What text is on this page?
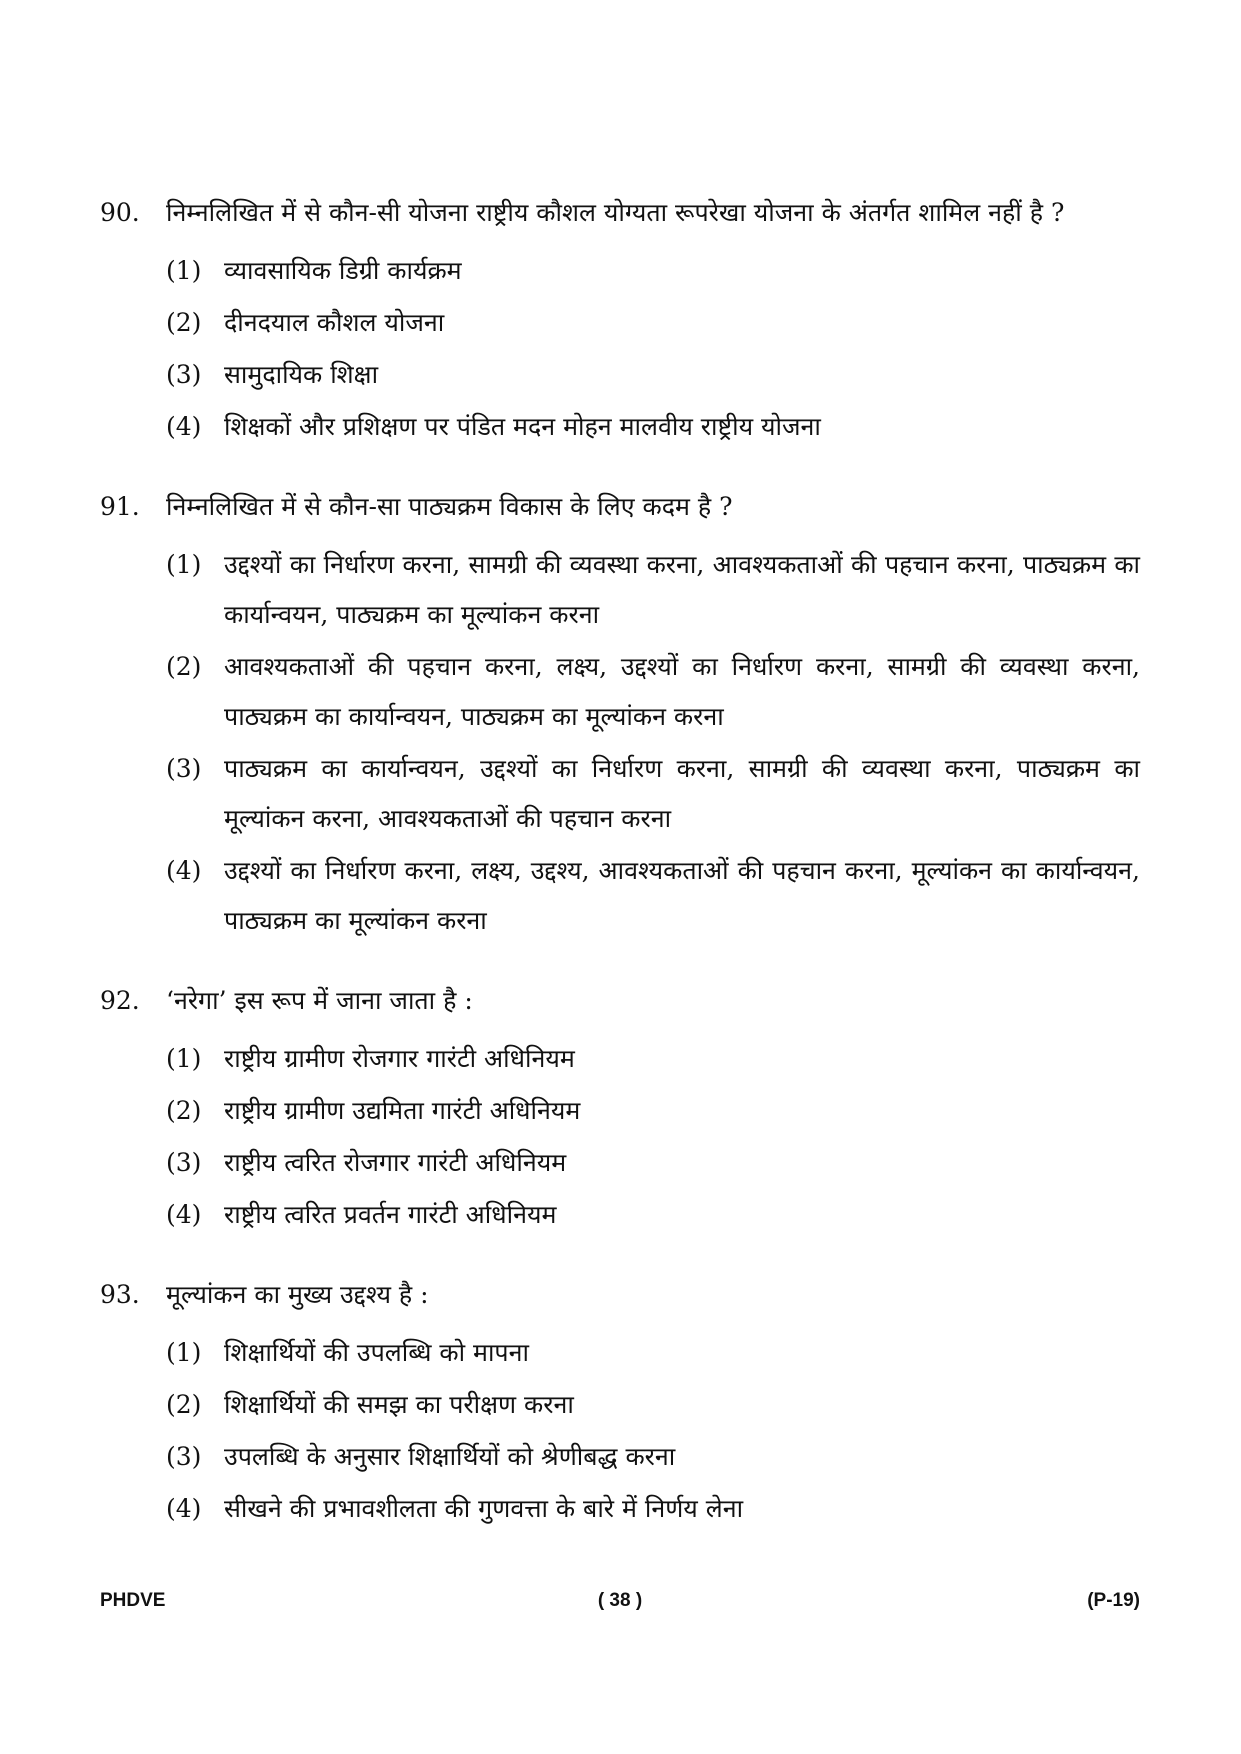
90.	निम्नलिखित में से कौन-सी योजना राष्ट्रीय कौशल योग्यता रूपरेखा योजना के अंतर्गत शामिल नहीं है ?
(1) व्यावसायिक डिग्री कार्यक्रम
(2) दीनदयाल कौशल योजना
(3) सामुदायिक शिक्षा
(4) शिक्षकों और प्रशिक्षण पर पंडित मदन मोहन मालवीय राष्ट्रीय योजना
91.	निम्नलिखित में से कौन-सा पाठ्यक्रम विकास के लिए कदम है ?
(1) उद्दश्यों का निर्धारण करना, सामग्री की व्यवस्था करना, आवश्यकताओं की पहचान करना, पाठ्यक्रम का कार्यान्वयन, पाठ्यक्रम का मूल्यांकन करना
(2) आवश्यकताओं की पहचान करना, लक्ष्य, उद्दश्यों का निर्धारण करना, सामग्री की व्यवस्था करना, पाठ्यक्रम का कार्यान्वयन, पाठ्यक्रम का मूल्यांकन करना
(3) पाठ्यक्रम का कार्यान्वयन, उद्दश्यों का निर्धारण करना, सामग्री की व्यवस्था करना, पाठ्यक्रम का मूल्यांकन करना, आवश्यकताओं की पहचान करना
(4) उद्दश्यों का निर्धारण करना, लक्ष्य, उद्दश्य, आवश्यकताओं की पहचान करना, मूल्यांकन का कार्यान्वयन, पाठ्यक्रम का मूल्यांकन करना
92.	‘नरेगा’ इस रूप में जाना जाता है :
(1) राष्ट्रीय ग्रामीण रोजगार गारंटी अधिनियम
(2) राष्ट्रीय ग्रामीण उद्यमिता गारंटी अधिनियम
(3) राष्ट्रीय त्वरित रोजगार गारंटी अधिनियम
(4) राष्ट्रीय त्वरित प्रवर्तन गारंटी अधिनियम
93.	मूल्यांकन का मुख्य उद्दश्य है :
(1) शिक्षार्थियों की उपलब्धि को मापना
(2) शिक्षार्थियों की समझ का परीक्षण करना
(3) उपलब्धि के अनुसार शिक्षार्थियों को श्रेणीबद्ध करना
(4) सीखने की प्रभावशीलता की गुणवत्ता के बारे में निर्णय लेना
PHDVE	( 38 )	(P-19)
